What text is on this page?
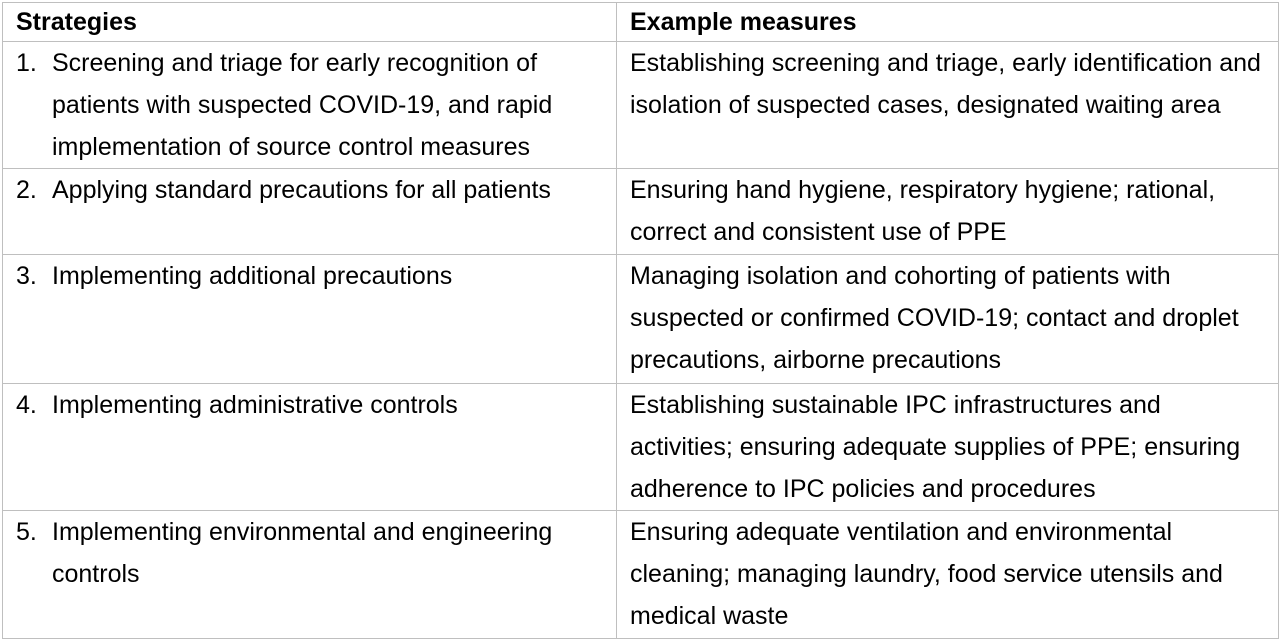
Strategies	Example measures

1. Screening and triage for early recognition of patients with suspected COVID-19, and rapid implementation of source control measures	Establishing screening and triage, early identification and isolation of suspected cases, designated waiting area

2. Applying standard precautions for all patients	Ensuring hand hygiene, respiratory hygiene; rational, correct and consistent use of PPE

3. Implementing additional precautions	Managing isolation and cohorting of patients with suspected or confirmed COVID-19; contact and droplet precautions, airborne precautions

4. Implementing administrative controls	Establishing sustainable IPC infrastructures and activities; ensuring adequate supplies of PPE; ensuring adherence to IPC policies and procedures

5. Implementing environmental and engineering controls	Ensuring adequate ventilation and environmental cleaning; managing laundry, food service utensils and medical waste
